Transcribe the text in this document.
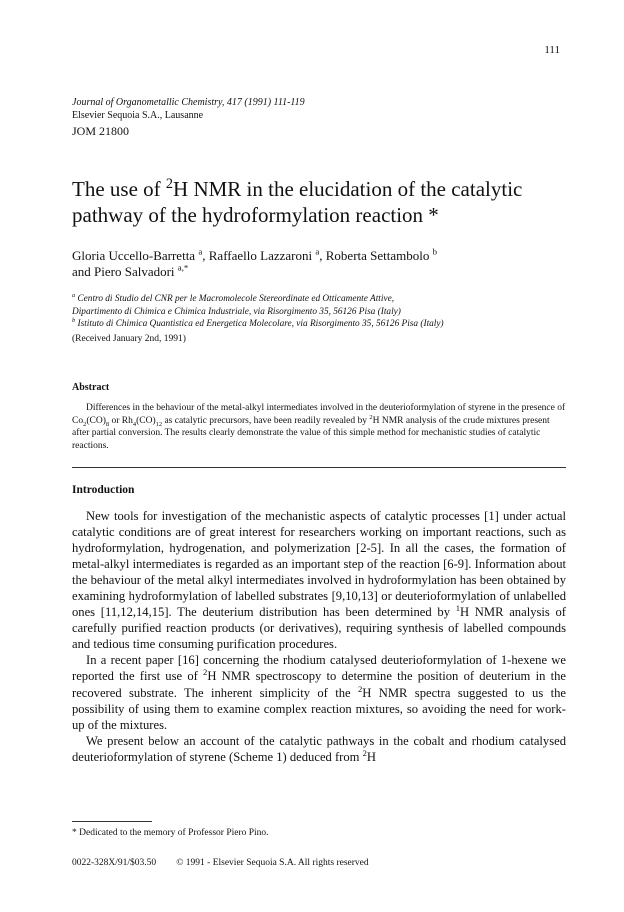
111
Journal of Organometallic Chemistry, 417 (1991) 111-119
Elsevier Sequoia S.A., Lausanne
JOM 21800
The use of $^2$H NMR in the elucidation of the catalytic pathway of the hydroformylation reaction *
Gloria Uccello-Barretta $^a$, Raffaello Lazzaroni $^a$, Roberta Settambolo $^b$
and Piero Salvadori $^{a,*}$
$^a$ Centro di Studio del CNR per le Macromolecole Stereordinate ed Otticamente Attive,
Dipartimento di Chimica e Chimica Industriale, via Risorgimento 35, 56126 Pisa (Italy)
$^b$ Istituto di Chimica Quantistica ed Energetica Molecolare, via Risorgimento 35, 56126 Pisa (Italy)
(Received January 2nd, 1991)
Abstract

Differences in the behaviour of the metal-alkyl intermediates involved in the deuterioformylation of styrene in the presence of $Co_2(CO)_8$ or $Rh_4(CO)_{12}$ as catalytic precursors, have been readily revealed by $^2$H NMR analysis of the crude mixtures present after partial conversion. The results clearly demonstrate the value of this simple method for mechanistic studies of catalytic reactions.

Introduction

New tools for investigation of the mechanistic aspects of catalytic processes [1] under actual catalytic conditions are of great interest for researchers working on important reactions, such as hydroformylation, hydrogenation, and polymerization [2-5]. In all the cases, the formation of metal-alkyl intermediates is regarded as an important step of the reaction [6-9]. Information about the behaviour of the metal alkyl intermediates involved in hydroformylation has been obtained by examining hydroformylation of labelled substrates [9,10,13] or deuterioformylation of unlabelled ones [11,12,14,15]. The deuterium distribution has been determined by $^1$H NMR analysis of carefully purified reaction products (or derivatives), requiring synthesis of labelled compounds and tedious time consuming purification procedures.

In a recent paper [16] concerning the rhodium catalysed deuterioformylation of 1-hexene we reported the first use of $^2$H NMR spectroscopy to determine the position of deuterium in the recovered substrate. The inherent simplicity of the $^2$H NMR spectra suggested to us the possibility of using them to examine complex reaction mixtures, so avoiding the need for work-up of the mixtures.

We present below an account of the catalytic pathways in the cobalt and rhodium catalysed deuterioformylation of styrene (Scheme 1) deduced from $^2$H

* Dedicated to the memory of Professor Piero Pino.
0022-328X/91/$03.50 © 1991 - Elsevier Sequoia S.A. All rights reserved
